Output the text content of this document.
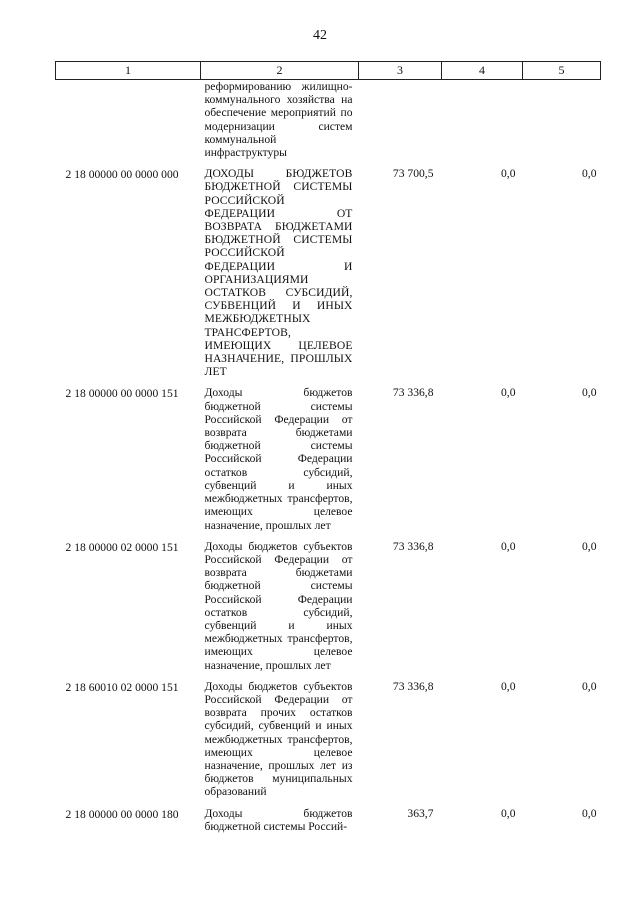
42
1	2	3	4	5
	реформированию жилищно-коммунального хозяйства на обеспечение мероприятий по модернизации систем коммунальной инфраструктуры			
2 18 00000 00 0000 000	ДОХОДЫ БЮДЖЕТОВ БЮДЖЕТНОЙ СИСТЕМЫ РОССИЙСКОЙ ФЕДЕРАЦИИ ОТ ВОЗВРАТА БЮДЖЕТАМИ БЮДЖЕТНОЙ СИСТЕМЫ РОССИЙСКОЙ ФЕДЕРАЦИИ И ОРГАНИЗАЦИЯМИ ОСТАТКОВ СУБСИДИЙ, СУБВЕНЦИЙ И ИНЫХ МЕЖБЮДЖЕТНЫХ ТРАНСФЕРТОВ, ИМЕЮЩИХ ЦЕЛЕВОЕ НАЗНАЧЕНИЕ, ПРОШЛЫХ ЛЕТ	73 700,5	0,0	0,0
2 18 00000 00 0000 151	Доходы бюджетов бюджетной системы Российской Федерации от возврата бюджетами бюджетной системы Российской Федерации остатков субсидий, субвенций и иных межбюджетных трансфертов, имеющих целевое назначение, прошлых лет	73 336,8	0,0	0,0
2 18 00000 02 0000 151	Доходы бюджетов субъектов Российской Федерации от возврата бюджетами бюджетной системы Российской Федерации остатков субсидий, субвенций и иных межбюджетных трансфертов, имеющих целевое назначение, прошлых лет	73 336,8	0,0	0,0
2 18 60010 02 0000 151	Доходы бюджетов субъектов Российской Федерации от возврата прочих остатков субсидий, субвенций и иных межбюджетных трансфертов, имеющих целевое назначение, прошлых лет из бюджетов муниципальных образований	73 336,8	0,0	0,0
2 18 00000 00 0000 180	Доходы бюджетов бюджетной системы Россий-	363,7	0,0	0,0
